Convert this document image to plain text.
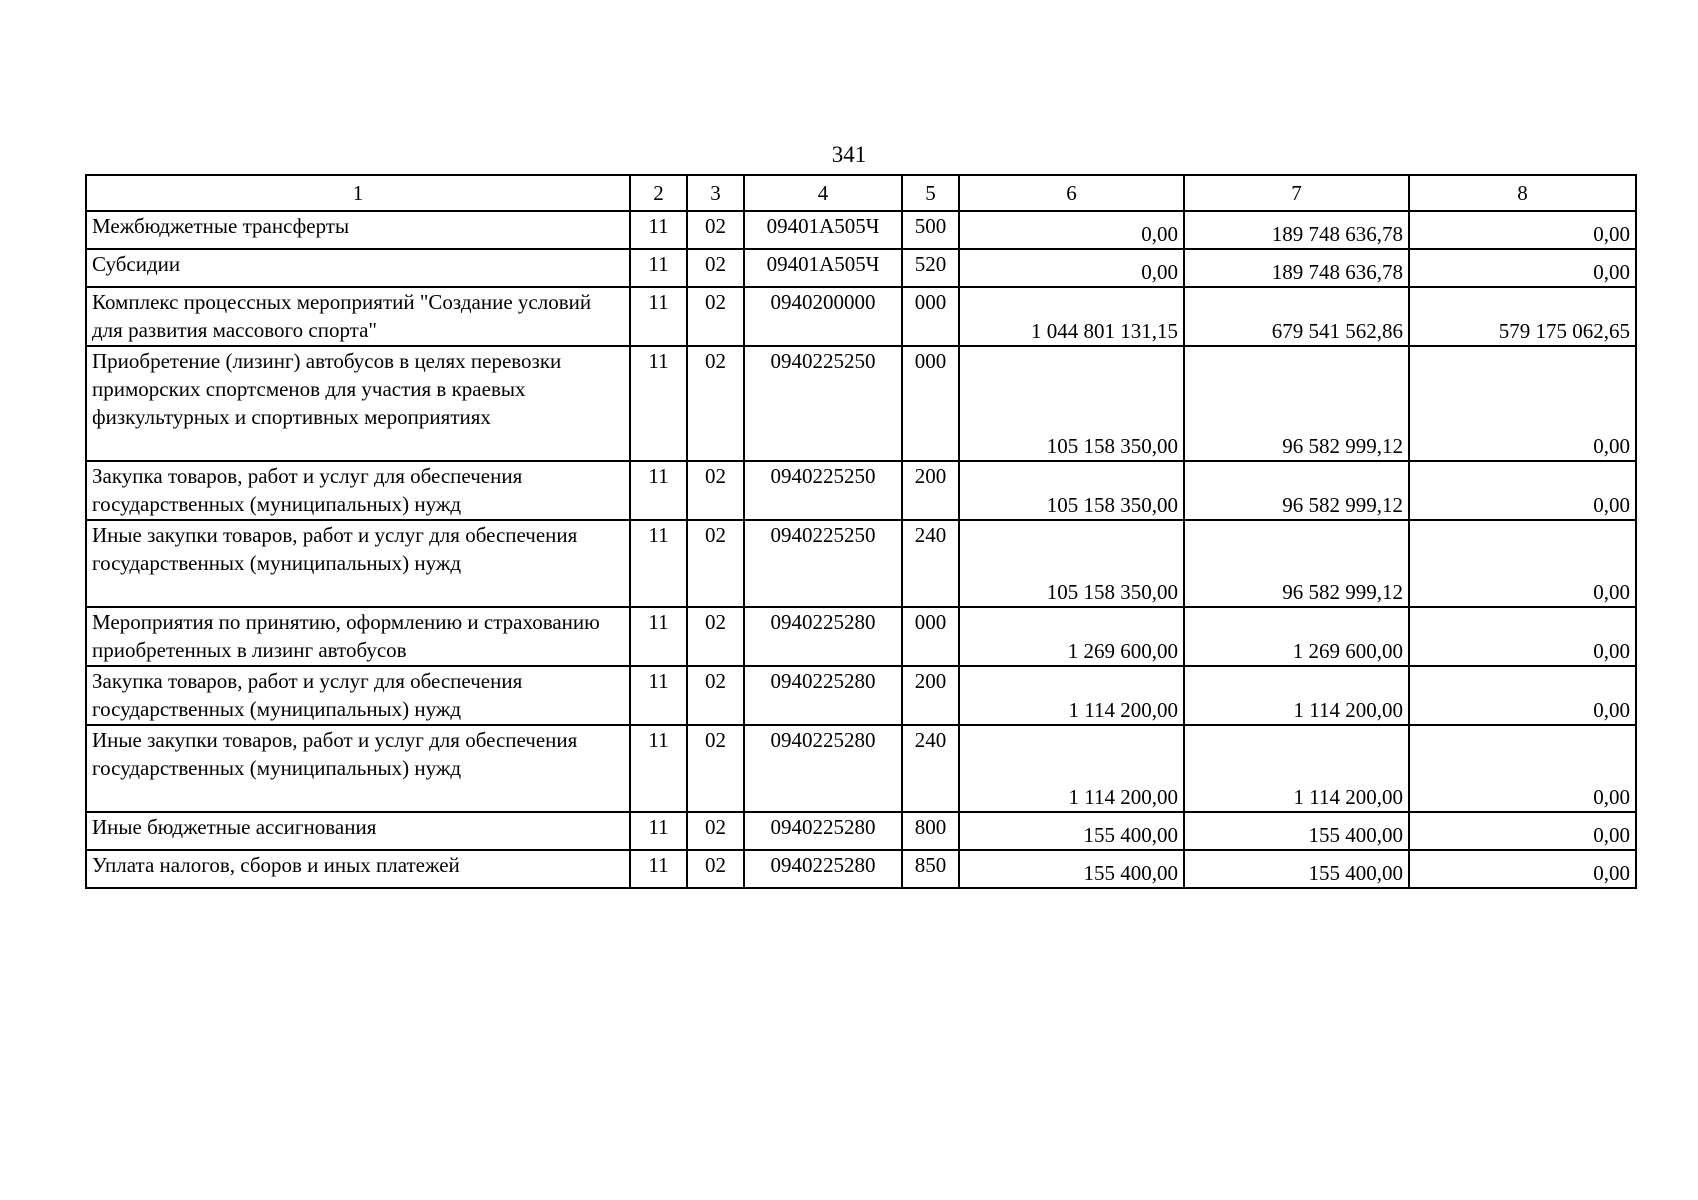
341
1	2	3	4	5	6	7	8
Межбюджетные трансферты	11	02	09401A505Ч	500	0,00	189 748 636,78	0,00
Субсидии	11	02	09401A505Ч	520	0,00	189 748 636,78	0,00
Комплекс процессных мероприятий "Создание условий для развития массового спорта"	11	02	0940200000	000	1 044 801 131,15	679 541 562,86	579 175 062,65
Приобретение (лизинг) автобусов в целях перевозки приморских спортсменов для участия в краевых физкультурных и спортивных мероприятиях	11	02	0940225250	000	105 158 350,00	96 582 999,12	0,00
Закупка товаров, работ и услуг для обеспечения государственных (муниципальных) нужд	11	02	0940225250	200	105 158 350,00	96 582 999,12	0,00
Иные закупки товаров, работ и услуг для обеспечения государственных (муниципальных) нужд	11	02	0940225250	240	105 158 350,00	96 582 999,12	0,00
Мероприятия по принятию, оформлению и страхованию приобретенных в лизинг автобусов	11	02	0940225280	000	1 269 600,00	1 269 600,00	0,00
Закупка товаров, работ и услуг для обеспечения государственных (муниципальных) нужд	11	02	0940225280	200	1 114 200,00	1 114 200,00	0,00
Иные закупки товаров, работ и услуг для обеспечения государственных (муниципальных) нужд	11	02	0940225280	240	1 114 200,00	1 114 200,00	0,00
Иные бюджетные ассигнования	11	02	0940225280	800	155 400,00	155 400,00	0,00
Уплата налогов, сборов и иных платежей	11	02	0940225280	850	155 400,00	155 400,00	0,00
